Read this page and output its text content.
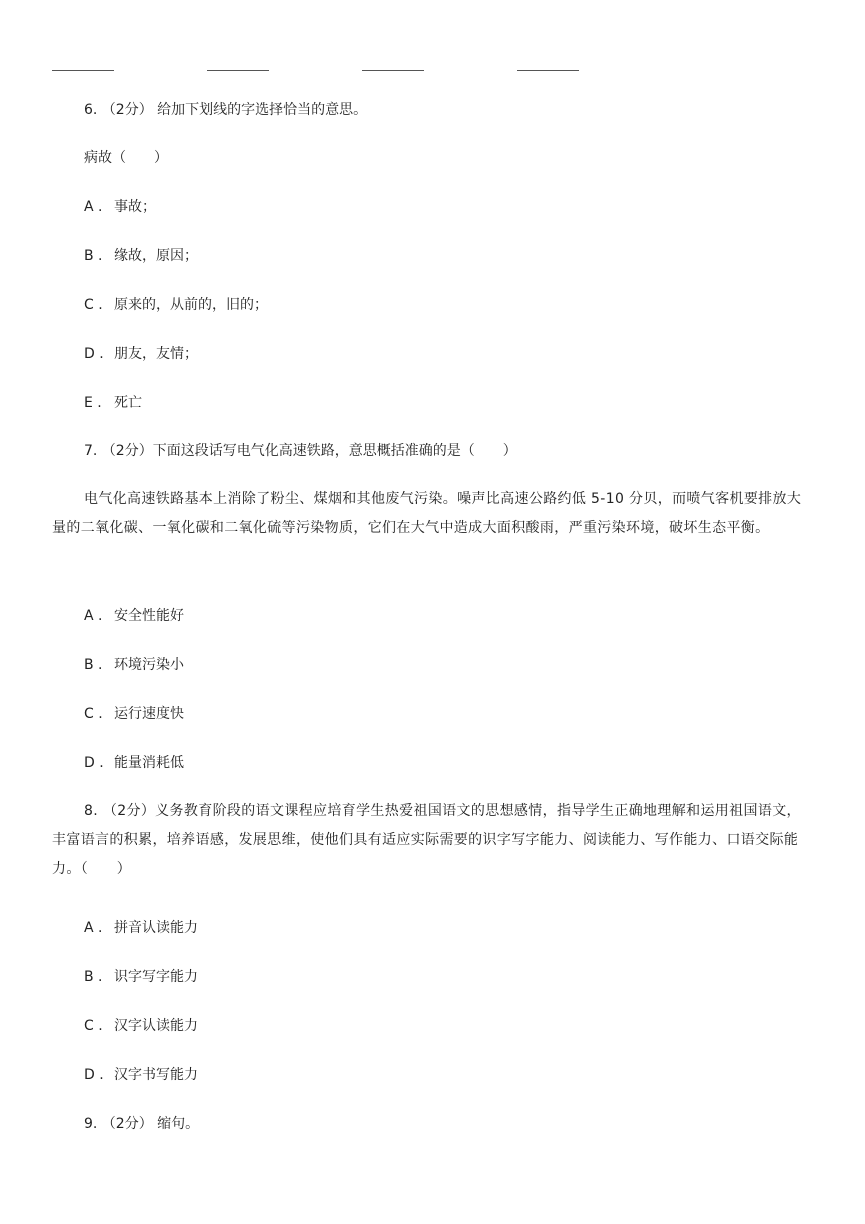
6. （2分） 给加下划线的字选择恰当的意思。
病故（　　）
A . 事故；
B . 缘故，原因；
C . 原来的，从前的，旧的；
D . 朋友，友情；
E . 死亡
7. （2分）下面这段话写电气化高速铁路，意思概括准确的是（　　）
电气化高速铁路基本上消除了粉尘、煤烟和其他废气污染。噪声比高速公路约低 5-10 分贝，而喷气客机要排放大量的二氧化碳、一氧化碳和二氧化硫等污染物质，它们在大气中造成大面积酸雨，严重污染环境，破坏生态平衡。
A . 安全性能好
B . 环境污染小
C . 运行速度快
D . 能量消耗低
8. （2分）义务教育阶段的语文课程应培育学生热爱祖国语文的思想感情，指导学生正确地理解和运用祖国语文，丰富语言的积累，培养语感，发展思维，使他们具有适应实际需要的识字写字能力、阅读能力、写作能力、口语交际能力。（　　）
A . 拼音认读能力
B . 识字写字能力
C . 汉字认读能力
D . 汉字书写能力
9. （2分） 缩句。
